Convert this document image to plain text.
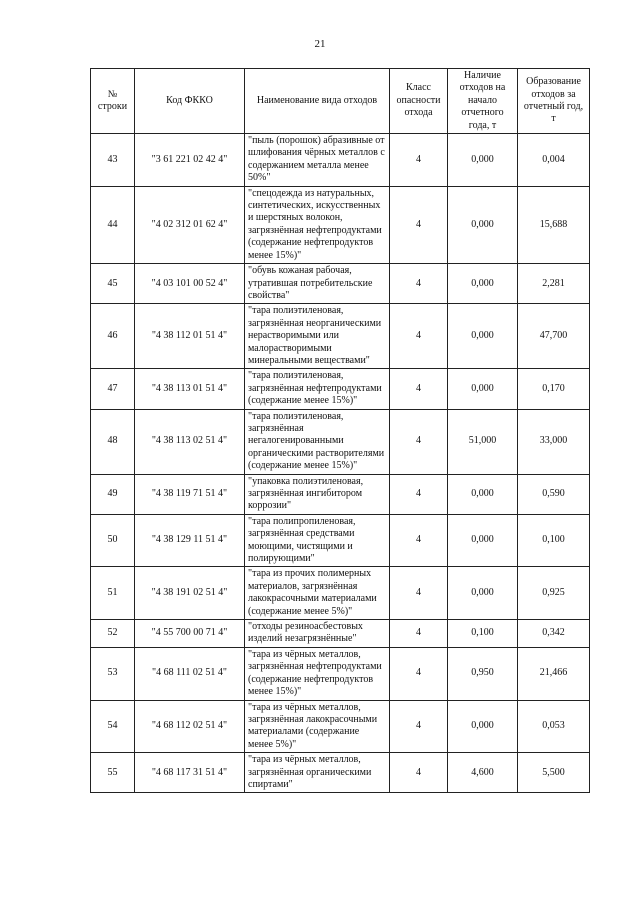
21
№ строки	Код ФККО	Наименование вида отходов	Класс опасности отхода	Наличие отходов на начало отчетного года, т	Образование отходов за отчетный год, т
43	"3 61 221 02 42 4"	"пыль (порошок) абразивные от шлифования чёрных металлов с содержанием металла менее 50%"	4	0,000	0,004
44	"4 02 312 01 62 4"	"спецодежда из натуральных, синтетических, искусственных и шерстяных волокон, загрязнённая нефтепродуктами (содержание нефтепродуктов менее 15%)"	4	0,000	15,688
45	"4 03 101 00 52 4"	"обувь кожаная рабочая, утратившая потребительские свойства"	4	0,000	2,281
46	"4 38 112 01 51 4"	"тара полиэтиленовая, загрязнённая неорганическими нерастворимыми или малорастворимыми минеральными веществами"	4	0,000	47,700
47	"4 38 113 01 51 4"	"тара полиэтиленовая, загрязнённая нефтепродуктами (содержание менее 15%)"	4	0,000	0,170
48	"4 38 113 02 51 4"	"тара полиэтиленовая, загрязнённая негалогенированными органическими растворителями (содержание менее 15%)"	4	51,000	33,000
49	"4 38 119 71 51 4"	"упаковка полиэтиленовая, загрязнённая ингибитором коррозии"	4	0,000	0,590
50	"4 38 129 11 51 4"	"тара полипропиленовая, загрязнённая средствами моющими, чистящими и полирующими"	4	0,000	0,100
51	"4 38 191 02 51 4"	"тара из прочих полимерных материалов, загрязнённая лакокрасочными материалами (содержание менее 5%)"	4	0,000	0,925
52	"4 55 700 00 71 4"	"отходы резиноасбестовых изделий незагрязнённые"	4	0,100	0,342
53	"4 68 111 02 51 4"	"тара из чёрных металлов, загрязнённая нефтепродуктами (содержание нефтепродуктов менее 15%)"	4	0,950	21,466
54	"4 68 112 02 51 4"	"тара из чёрных металлов, загрязнённая лакокрасочными материалами (содержание менее 5%)"	4	0,000	0,053
55	"4 68 117 31 51 4"	"тара из чёрных металлов, загрязнённая органическими спиртами"	4	4,600	5,500
